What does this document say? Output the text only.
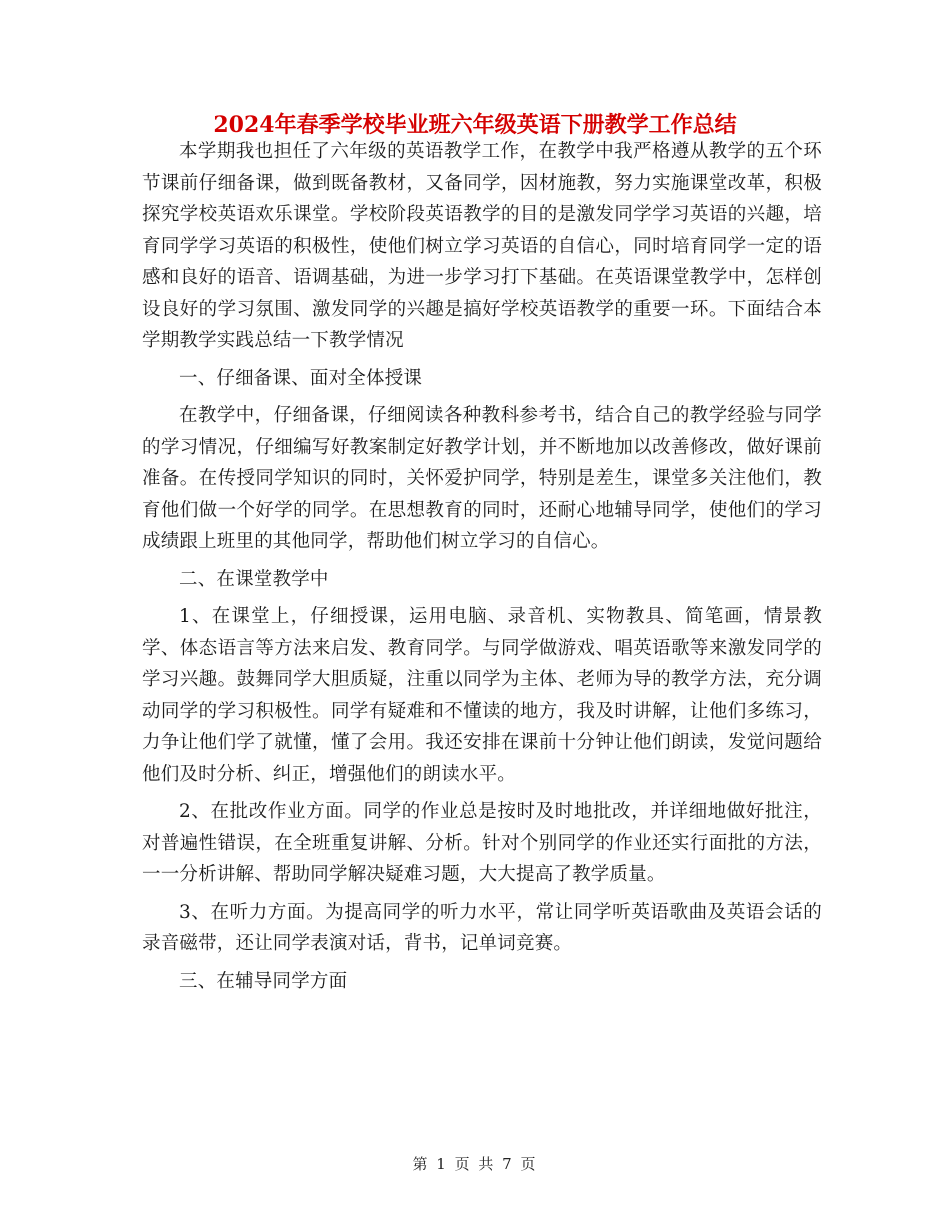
2024年春季学校毕业班六年级英语下册教学工作总结

本学期我也担任了六年级的英语教学工作，在教学中我严格遵从教学的五个环节课前仔细备课，做到既备教材，又备同学，因材施教，努力实施课堂改革，积极探究学校英语欢乐课堂。学校阶段英语教学的目的是激发同学学习英语的兴趣，培育同学学习英语的积极性，使他们树立学习英语的自信心，同时培育同学一定的语感和良好的语音、语调基础，为进一步学习打下基础。在英语课堂教学中，怎样创设良好的学习氛围、激发同学的兴趣是搞好学校英语教学的重要一环。下面结合本学期教学实践总结一下教学情况

一、仔细备课、面对全体授课

在教学中，仔细备课，仔细阅读各种教科参考书，结合自己的教学经验与同学的学习情况，仔细编写好教案制定好教学计划，并不断地加以改善修改，做好课前准备。在传授同学知识的同时，关怀爱护同学，特别是差生，课堂多关注他们，教育他们做一个好学的同学。在思想教育的同时，还耐心地辅导同学，使他们的学习成绩跟上班里的其他同学，帮助他们树立学习的自信心。

二、在课堂教学中

1、在课堂上，仔细授课，运用电脑、录音机、实物教具、简笔画，情景教学、体态语言等方法来启发、教育同学。与同学做游戏、唱英语歌等来激发同学的学习兴趣。鼓舞同学大胆质疑，注重以同学为主体、老师为导的教学方法，充分调动同学的学习积极性。同学有疑难和不懂读的地方，我及时讲解，让他们多练习，力争让他们学了就懂，懂了会用。我还安排在课前十分钟让他们朗读，发觉问题给他们及时分析、纠正，增强他们的朗读水平。

2、在批改作业方面。同学的作业总是按时及时地批改，并详细地做好批注，对普遍性错误，在全班重复讲解、分析。针对个别同学的作业还实行面批的方法，一一分析讲解、帮助同学解决疑难习题，大大提高了教学质量。

3、在听力方面。为提高同学的听力水平，常让同学听英语歌曲及英语会话的录音磁带，还让同学表演对话，背书，记单词竞赛。

三、在辅导同学方面

第 1 页 共 7 页
